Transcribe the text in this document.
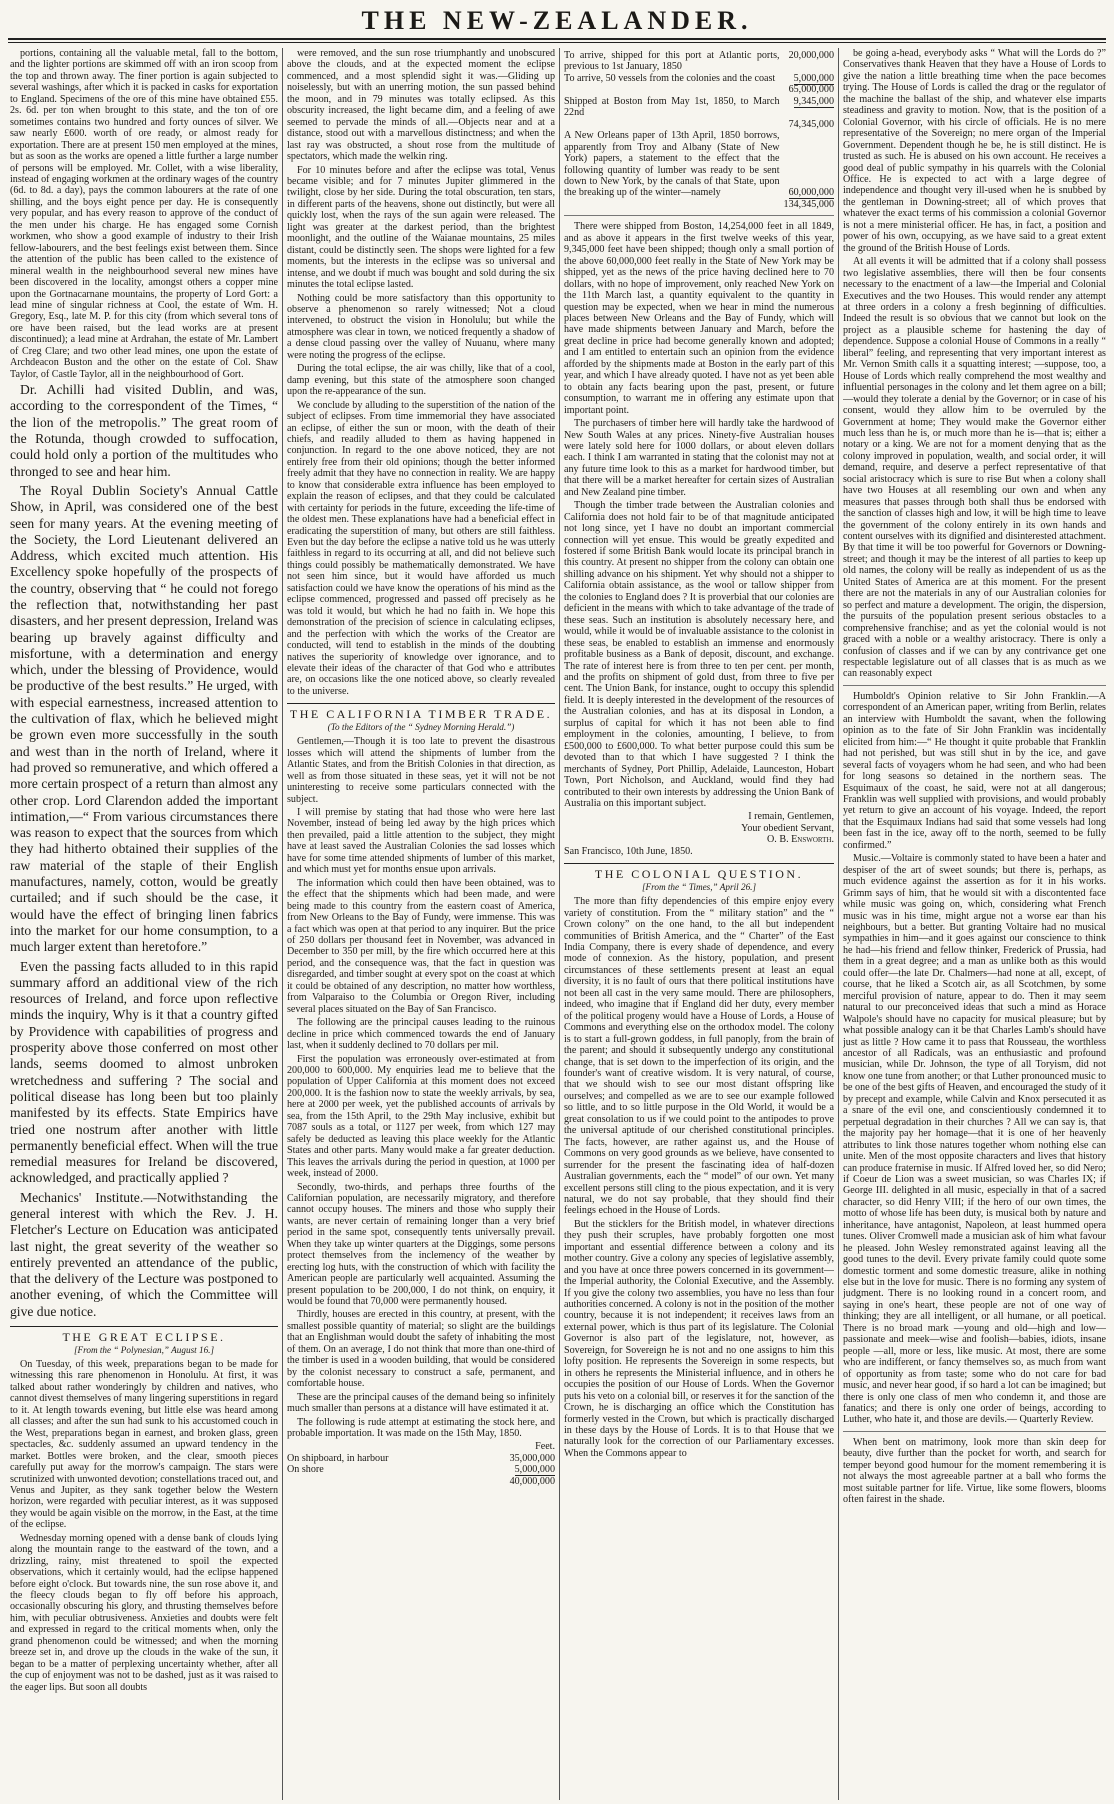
THE NEW-ZEALANDER.

portions, containing all the valuable metal, fall to the bottom, and the lighter portions are skimmed off with an iron scoop from the top and thrown away. The finer portion is again subjected to several washings, after which it is packed in casks for exportation to England. Specimens of the ore of this mine have obtained £55. 2s. 6d. per ton when brought to this state, and the ton of ore sometimes contains two hundred and forty ounces of silver. We saw nearly £600. worth of ore ready, or almost ready for exportation. There are at present 150 men employed at the mines, but as soon as the works are opened a little further a large number of persons will be employed. Mr. Collet, with a wise liberality, instead of engaging workmen at the ordinary wages of the country (6d. to 8d. a day), pays the common labourers at the rate of one shilling, and the boys eight pence per day. He is consequently very popular, and has every reason to approve of the conduct of the men under his charge. He has engaged some Cornish workmen, who show a good example of industry to their Irish fellow-labourers, and the best feelings exist between them. Since the attention of the public has been called to the existence of mineral wealth in the neighbourhood several new mines have been discovered in the locality, amongst others a copper mine upon the Gortnacarnane mountains, the property of Lord Gort: a lead mine of singular richness at Cool, the estate of Wm. H. Gregory, Esq., late M. P. for this city (from which several tons of ore have been raised, but the lead works are at present discontinued); a lead mine at Ardrahan, the estate of Mr. Lambert of Creg Clare; and two other lead mines, one upon the estate of Archdeacon Buston and the other on the estate of Col. Shaw Taylor, of Castle Taylor, all in the neighbourhood of Gort.

Dr. Achilli had visited Dublin, and was, according to the correspondent of the Times, “ the lion of the metropolis.” The great room of the Rotunda, though crowded to suffocation, could hold only a portion of the multitudes who thronged to see and hear him.

The Royal Dublin Society's Annual Cattle Show, in April, was considered one of the best seen for many years. At the evening meeting of the Society, the Lord Lieutenant delivered an Address, which excited much attention. His Excellency spoke hopefully of the prospects of the country, observing that “ he could not forego the reflection that, notwithstanding her past disasters, and her present depression, Ireland was bearing up bravely against difficulty and misfortune, with a determination and energy which, under the blessing of Providence, would be productive of the best results.” He urged, with with especial earnestness, increased attention to the cultivation of flax, which he believed might be grown even more successfully in the south and west than in the north of Ireland, where it had proved so remunerative, and which offered a more certain prospect of a return than almost any other crop. Lord Clarendon added the important intimation,—“ From various circumstances there was reason to expect that the sources from which they had hitherto obtained their supplies of the raw material of the staple of their English manufactures, namely, cotton, would be greatly curtailed; and if such should be the case, it would have the effect of bringing linen fabrics into the market for our home consumption, to a much larger extent than heretofore.”

Even the passing facts alluded to in this rapid summary afford an additional view of the rich resources of Ireland, and force upon reflective minds the inquiry, Why is it that a country gifted by Providence with capabilities of progress and prosperity above those conferred on most other lands, seems doomed to almost unbroken wretchedness and suffering ? The social and political disease has long been but too plainly manifested by its effects. State Empirics have tried one nostrum after another with little permanently beneficial effect. When will the true remedial measures for Ireland be discovered, acknowledged, and practically applied ?

Mechanics' Institute.—Notwithstanding the general interest with which the Rev. J. H. Fletcher's Lecture on Education was anticipated last night, the great severity of the weather so entirely prevented an attendance of the public, that the delivery of the Lecture was postponed to another evening, of which the Committee will give due notice.

THE GREAT ECLIPSE.
[From the “ Polynesian,” August 16.]

On Tuesday, of this week, preparations began to be made for witnessing this rare phenomenon in Honolulu. At first, it was talked about rather wonderingly by children and natives, who cannot divest themselves of many lingering superstitions in regard to it. At length towards evening, but little else was heard among all classes; and after the sun had sunk to his accustomed couch in the West, preparations began in earnest, and broken glass, green spectacles, &c. suddenly assumed an upward tendency in the market. Bottles were broken, and the clear, smooth pieces carefully put away for the morrow's campaign. The stars were scrutinized with unwonted devotion; constellations traced out, and Venus and Jupiter, as they sank together below the Western horizon, were regarded with peculiar interest, as it was supposed they would be again visible on the morrow, in the East, at the time of the eclipse.

Wednesday morning opened with a dense bank of clouds lying along the mountain range to the eastward of the town, and a drizzling, rainy, mist threatened to spoil the expected observations, which it certainly would, had the eclipse happened before eight o'clock. But towards nine, the sun rose above it, and the fleecy clouds began to fly off before his approach, occasionally obscuring his glory, and thrusting themselves before him, with peculiar obtrusiveness. Anxieties and doubts were felt and expressed in regard to the critical moments when, only the grand phenomenon could be witnessed; and when the morning breeze set in, and drove up the clouds in the wake of the sun, it began to be a matter of perplexing uncertainty whether, after all the cup of enjoyment was not to be dashed, just as it was raised to the eager lips. But soon all doubts

were removed, and the sun rose triumphantly and unobscured above the clouds, and at the expected moment the eclipse commenced, and a most splendid sight it was.—Gliding up noiselessly, but with an unerring motion, the sun passed behind the moon, and in 79 minutes was totally eclipsed. As this obscurity increased, the light became dim, and a feeling of awe seemed to pervade the minds of all.—Objects near and at a distance, stood out with a marvellous distinctness; and when the last ray was obstructed, a shout rose from the multitude of spectators, which made the welkin ring.

For 10 minutes before and after the eclipse was total, Venus became visible; and for 7 minutes Jupiter glimmered in the twilight, close by her side. During the total obscuration, ten stars, in different parts of the heavens, shone out distinctly, but were all quickly lost, when the rays of the sun again were released. The light was greater at the darkest period, than the brightest moonlight, and the outline of the Waianae mountains, 25 miles distant, could be distinctly seen. The shops were lighted for a few moments, but the interests in the eclipse was so universal and intense, and we doubt if much was bought and sold during the six minutes the total eclipse lasted.

Nothing could be more satisfactory than this opportunity to observe a phenomenon so rarely witnessed; Not a cloud intervened, to obstruct the vision in Honolulu; but while the atmosphere was clear in town, we noticed frequently a shadow of a dense cloud passing over the valley of Nuuanu, where many were noting the progress of the eclipse.

During the total eclipse, the air was chilly, like that of a cool, damp evening, but this state of the atmosphere soon changed upon the re-appearance of the sun.

We conclude by alluding to the superstition of the nation of the subject of eclipses. From time immemorial they have associated an eclipse, of either the sun or moon, with the death of their chiefs, and readily alluded to them as having happened in conjunction. In regard to the one above noticed, they are not entirely free from their old opinions; though the better informed freely admit that they have no connection in reality. We are happy to know that considerable extra influence has been employed to explain the reason of eclipses, and that they could be calculated with certainty for periods in the future, exceeding the life-time of the oldest men. These explanations have had a beneficial effect in eradicating the superstition of many, but others are still faithless. Even but the day before the eclipse a native told us he was utterly faithless in regard to its occurring at all, and did not believe such things could possibly be mathematically demonstrated. We have not seen him since, but it would have afforded us much satisfaction could we have know the operations of his mind as the eclipse commenced, progressed and passed off precisely as he was told it would, but which he had no faith in. We hope this demonstration of the precision of science in calculating eclipses, and the perfection with which the works of the Creator are conducted, will tend to establish in the minds of the doubting natives the superiority of knowledge over ignorance, and to elevate their ideas of the character of that God who e attributes are, on occasions like the one noticed above, so clearly revealed to the universe.

THE CALIFORNIA TIMBER TRADE.
(To the Editors of the “ Sydney Morning Herald.”)

Gentlemen,—Though it is too late to prevent the disastrous losses which will attend the shipments of lumber from the Atlantic States, and from the British Colonies in that direction, as well as from those situated in these seas, yet it will not be not uninteresting to receive some particulars connected with the subject.

I will premise by stating that had those who were here last November, instead of being led away by the high prices which then prevailed, paid a little attention to the subject, they might have at least saved the Australian Colonies the sad losses which have for some time attended shipments of lumber of this market, and which must yet for months ensue upon arrivals.

The information which could then have been obtained, was to the effect that the shipments which had been made, and were being made to this country from the eastern coast of America, from New Orleans to the Bay of Fundy, were immense. This was a fact which was open at that period to any inquirer. But the price of 250 dollars per thousand feet in November, was advanced in December to 350 per mill, by the fire which occurred here at this period, and the consequence was, that the fact in question was disregarded, and timber sought at every spot on the coast at which it could be obtained of any description, no matter how worthless, from Valparaiso to the Columbia or Oregon River, including several places situated on the Bay of San Francisco.

The following are the principal causes leading to the ruinous decline in price which commenced towards the end of January last, when it suddenly declined to 70 dollars per mil.

First the population was erroneously over-estimated at from 200,000 to 600,000. My enquiries lead me to believe that the population of Upper California at this moment does not exceed 200,000. It is the fashion now to state the weekly arrivals, by sea, here at 2000 per week, yet the published accounts of arrivals by sea, from the 15th April, to the 29th May inclusive, exhibit but 7087 souls as a total, or 1127 per week, from which 127 may safely be deducted as leaving this place weekly for the Atlantic States and other parts. Many would make a far greater deduction. This leaves the arrivals during the period in question, at 1000 per week, instead of 2000.

Secondly, two-thirds, and perhaps three fourths of the Californian population, are necessarily migratory, and therefore cannot occupy houses. The miners and those who supply their wants, are never certain of remaining longer than a very brief period in the same spot, consequently tents universally prevail. When they take up winter quarters at the Diggings, some persons protect themselves from the inclemency of the weather by erecting log huts, with the construction of which with facility the American people are particularly well acquainted. Assuming the present population to be 200,000, I do not think, on enquiry, it would be found that 70,000 were permanently housed.

Thirdly, houses are erected in this country, at present, with the smallest possible quantity of material; so slight are the buildings that an Englishman would doubt the safety of inhabiting the most of them. On an average, I do not think that more than one-third of the timber is used in a wooden building, that would be considered by the colonist necessary to construct a safe, permanent, and comfortable house.

These are the principal causes of the demand being so infinitely much smaller than persons at a distance will have estimated it at.

The following is rude attempt at estimating the stock here, and probable importation. It was made on the 15th May, 1850.

	Feet.
On shipboard, in harbour	35,000,000
On shore	5,000,000
	40,000,000
To arrive, shipped for this port at Atlantic ports, previous to 1st January, 1850	20,000,000
To arrive, 50 vessels from the colonies and the coast	5,000,000
	65,000,000
Shipped at Boston from May 1st, 1850, to March 22nd	9,345,000
	74,345,000
A New Orleans paper of 13th April, 1850 borrows, apparently from Troy and Albany (State of New York) papers, a statement to the effect that the following quantity of lumber was ready to be sent down to New York, by the canals of that State, upon the breaking up of the winter—namely	60,000,000
	134,345,000

There were shipped from Boston, 14,254,000 feet in all 1849, and as above it appears in the first twelve weeks of this year, 9,345,000 feet have been shipped; though only a small portion of the above 60,000,000 feet really in the State of New York may be shipped, yet as the news of the price having declined here to 70 dollars, with no hope of improvement, only reached New York on the 11th March last, a quantity equivalent to the quantity in question may be expected, when we hear in mind the numerous places between New Orleans and the Bay of Fundy, which will have made shipments between January and March, before the great decline in price had become generally known and adopted; and I am entitled to entertain such an opinion from the evidence afforded by the shipments made at Boston in the early part of this year, and which I have already quoted. I have not as yet been able to obtain any facts bearing upon the past, present, or future consumption, to warrant me in offering any estimate upon that important point.

The purchasers of timber here will hardly take the hardwood of New South Wales at any prices. Ninety-five Australian houses were lately sold here for 1000 dollars, or about eleven dollars each. I think I am warranted in stating that the colonist may not at any future time look to this as a market for hardwood timber, but that there will be a market hereafter for certain sizes of Australian and New Zealand pine timber.

Though the timber trade between the Australian colonies and California does not hold fair to be of that magnitude anticipated not long since, yet I have no doubt an important commercial connection will yet ensue. This would be greatly expedited and fostered if some British Bank would locate its principal branch in this country. At present no shipper from the colony can obtain one shilling advance on his shipment. Yet why should not a shipper to California obtain assistance, as the wool or tallow shipper from the colonies to England does ? It is proverbial that our colonies are deficient in the means with which to take advantage of the trade of these seas. Such an institution is absolutely necessary here, and would, while it would be of invaluable assistance to the colonist in these seas, be enabled to establish an immense and enormously profitable business as a Bank of deposit, discount, and exchange. The rate of interest here is from three to ten per cent. per month, and the profits on shipment of gold dust, from three to five per cent. The Union Bank, for instance, ought to occupy this splendid field. It is deeply interested in the development of the resources of the Australian colonies, and has at its disposal in London, a surplus of capital for which it has not been able to find employment in the colonies, amounting, I believe, to from £500,000 to £600,000. To what better purpose could this sum be devoted than to that which I have suggested ? I think the merchants of Sydney, Port Phillip, Adelaide, Launceston, Hobart Town, Port Nicholson, and Auckland, would find they had contributed to their own interests by addressing the Union Bank of Australia on this important subject.

I remain, Gentlemen,

Your obedient Servant,

O. B. Ensworth.

San Francisco, 10th June, 1850.

THE COLONIAL QUESTION.
[From the “ Times,” April 26.]

The more than fifty dependencies of this empire enjoy every variety of constitution. From the “ military station” and the “ Crown colony” on the one hand, to the all but independent communities of British America, and the “ Charter” of the East India Company, there is every shade of dependence, and every mode of connexion. As the history, population, and present circumstances of these settlements present at least an equal diversity, it is no fault of ours that there political institutions have not been all cast in the very same mould. There are philosophers, indeed, who imagine that if England did her duty, every member of the political progeny would have a House of Lords, a House of Commons and everything else on the orthodox model. The colony is to start a full-grown goddess, in full panoply, from the brain of the parent; and should it subsequently undergo any constitutional change, that is set down to the imperfection of its origin, and the founder's want of creative wisdom. It is very natural, of course, that we should wish to see our most distant offspring like ourselves; and compelled as we are to see our example followed so little, and to so little purpose in the Old World, it would be a great consolation to us if we could point to the antipodes to prove the universal aptitude of our cherished constitutional principles. The facts, however, are rather against us, and the House of Commons on very good grounds as we believe, have consented to surrender for the present the fascinating idea of half-dozen Australian governments, each the “ model” of our own. Yet many excellent persons still cling to the pious expectation, and it is very natural, we do not say probable, that they should find their feelings echoed in the House of Lords.

But the sticklers for the British model, in whatever directions they push their scruples, have probably forgotten one most important and essential difference between a colony and its mother country. Give a colony any species of legislative assembly, and you have at once three powers concerned in its government—the Imperial authority, the Colonial Executive, and the Assembly. If you give the colony two assemblies, you have no less than four authorities concerned. A colony is not in the position of the mother country, because it is not independent; it receives laws from an external power, which is thus part of its legislature. The Colonial Governor is also part of the legislature, not, however, as Sovereign, for Sovereign he is not and no one assigns to him this lofty position. He represents the Sovereign in some respects, but in others he represents the Ministerial influence, and in others he occupies the position of our House of Lords. When the Governor puts his veto on a colonial bill, or reserves it for the sanction of the Crown, he is discharging an office which the Constitution has formerly vested in the Crown, but which is practically discharged in these days by the House of Lords. It is to that House that we naturally look for the correction of our Parliamentary excesses. When the Commons appear to

be going a-head, everybody asks “ What will the Lords do ?” Conservatives thank Heaven that they have a House of Lords to give the nation a little breathing time when the pace becomes trying. The House of Lords is called the drag or the regulator of the machine the ballast of the ship, and whatever else imparts steadiness and gravity to motion. Now, that is the position of a Colonial Governor, with his circle of officials. He is no mere representative of the Sovereign; no mere organ of the Imperial Government. Dependent though he be, he is still distinct. He is trusted as such. He is abused on his own account. He receives a good deal of public sympathy in his quarrels with the Colonial Office. He is expected to act with a large degree of independence and thought very ill-used when he is snubbed by the gentleman in Downing-street; all of which proves that whatever the exact terms of his commission a colonial Governor is not a mere ministerial officer. He has, in fact, a position and power of his own, occupying, as we have said to a great extent the ground of the British House of Lords.

At all events it will be admitted that if a colony shall possess two legislative assemblies, there will then be four consents necessary to the enactment of a law—the Imperial and Colonial Executives and the two Houses. This would render any attempt at three orders in a colony a fresh beginning of difficulties. Indeed the result is so obvious that we cannot but look on the project as a plausible scheme for hastening the day of dependence. Suppose a colonial House of Commons in a really “ liberal” feeling, and representing that very important interest as Mr. Vernon Smith calls it a squatting interest; —suppose, too, a House of Lords which really comprehend the most wealthy and influential personages in the colony and let them agree on a bill;—would they tolerate a denial by the Governor; or in case of his consent, would they allow him to be overruled by the Government at home; They would make the Governor either much less than he is, or much more than he is—that is; either a notary or a king. We are not for a moment denying that as the colony improved in population, wealth, and social order, it will demand, require, and deserve a perfect representative of that social aristocracy which is sure to rise But when a colony shall have two Houses at all resembling our own and when any measures that passes through both shall thus be endorsed with the sanction of classes high and low, it will be high time to leave the government of the colony entirely in its own hands and content ourselves with its dignified and disinterested attachment. By that time it will be too powerful for Governors or Downing-street; and though it may be the interest of all parties to keep up old names, the colony will be really as independent of us as the United States of America are at this moment. For the present there are not the materials in any of our Australian colonies for so perfect and mature a development. The origin, the dispersion, the pursuits of the population present serious obstacles to a comprehensive franchise; and as yet the colonial would is not graced with a noble or a wealthy aristocracy. There is only a confusion of classes and if we can by any contrivance get one respectable legislature out of all classes that is as much as we can reasonably expect

Humboldt's Opinion relative to Sir John Franklin.—A correspondent of an American paper, writing from Berlin, relates an interview with Humboldt the savant, when the following opinion as to the fate of Sir John Franklin was incidentally elicited from him:—“ He thought it quite probable that Franklin had not perished, but was still shut in by the ice, and gave several facts of voyagers whom he had seen, and who had been for long seasons so detained in the northern seas. The Esquimaux of the coast, he said, were not at all dangerous; Franklin was well supplied with provisions, and would probably yet return to give an account of his voyage. Indeed, the report that the Esquimaux Indians had said that some vessels had long been fast in the ice, away off to the north, seemed to be fully confirmed.”

Music.—Voltaire is commonly stated to have been a hater and despiser of the art of sweet sounds; but there is, perhaps, as much evidence against the assertion as for it in his works. Grimm says of him, that he would sit with a discontented face while music was going on, which, considering what French music was in his time, might argue not a worse ear than his neighbours, but a better. But granting Voltaire had no musical sympathies in him—and it goes against our conscience to think he had—his friend and fellow thinker, Frederick of Prussia, had them in a great degree; and a man as unlike both as this would could offer—the late Dr. Chalmers—had none at all, except, of course, that he liked a Scotch air, as all Scotchmen, by some merciful provision of nature, appear to do. Then it may seem natural to our preconceived ideas that such a mind as Horace Walpole's should have no capacity for musical pleasure; but by what possible analogy can it be that Charles Lamb's should have just as little ? How came it to pass that Rousseau, the worthless ancestor of all Radicals, was an enthusiastic and profound musician, while Dr. Johnson, the type of all Toryism, did not know one tune from another; or that Luther pronounced music to be one of the best gifts of Heaven, and encouraged the study of it by precept and example, while Calvin and Knox persecuted it as a snare of the evil one, and conscientiously condemned it to perpetual degradation in their churches ? All we can say is, that the majority pay her homage—that it is one of her heavenly attributes to link those natures together whom nothing else can unite. Men of the most opposite characters and lives that history can produce fraternise in music. If Alfred loved her, so did Nero; if Coeur de Lion was a sweet musician, so was Charles IX; if George III. delighted in all music, especially in that of a sacred character, so did Henry VIII; if the hero of our own times, the motto of whose life has been duty, is musical both by nature and inheritance, have antagonist, Napoleon, at least hummed opera tunes. Oliver Cromwell made a musician ask of him what favour he pleased. John Wesley remonstrated against leaving all the good tunes to the devil. Every private family could quote some domestic torment and some domestic treasure, alike in nothing else but in the love for music. There is no forming any system of judgment. There is no looking round in a concert room, and saying in one's heart, these people are not of one way of thinking; they are all intelligent, or all humane, or all poetical. There is no broad mark —young and old—high and low—passionate and meek—wise and foolish—babies, idiots, insane people —all, more or less, like music. At most, there are some who are indifferent, or fancy themselves so, as much from want of opportunity as from taste; some who do not care for bad music, and never hear good, if so hard a lot can be imagined; but there is only one class of men who condemn it, and those are fanatics; and there is only one order of beings, according to Luther, who hate it, and those are devils.— Quarterly Review.

When bent on matrimony, look more than skin deep for beauty, dive further than the pocket for worth, and search for temper beyond good humour for the moment remembering it is not always the most agreeable partner at a ball who forms the most suitable partner for life. Virtue, like some flowers, blooms often fairest in the shade.
